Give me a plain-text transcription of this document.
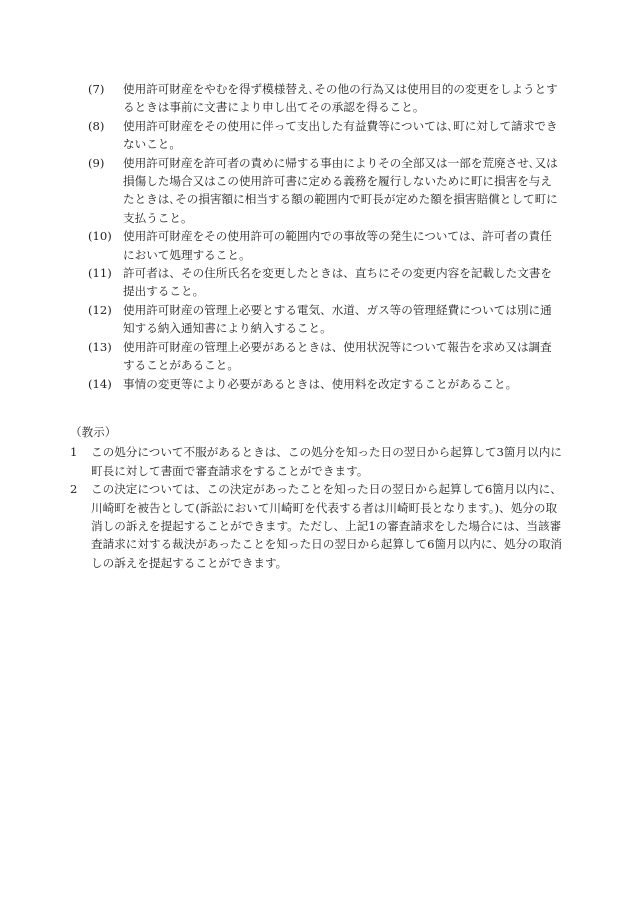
(7)	使用許可財産をやむを得ず模様替え､その他の行為又は使用目的の変更をしようとするときは事前に文書により申し出てその承認を得ること。
(8)	使用許可財産をその使用に伴って支出した有益費等については､町に対して請求できないこと。
(9)	使用許可財産を許可者の責めに帰する事由によりその全部又は一部を荒廃させ､又は損傷した場合又はこの使用許可書に定める義務を履行しないために町に損害を与えたときは､その損害額に相当する額の範囲内で町長が定めた額を損害賠償として町に支払うこと。
(10) 使用許可財産をその使用許可の範囲内での事故等の発生については、許可者の責任において処理すること。
(11) 許可者は、その住所氏名を変更したときは、直ちにその変更内容を記載した文書を提出すること。
(12) 使用許可財産の管理上必要とする電気、水道、ガス等の管理経費については別に通知する納入通知書により納入すること。
(13) 使用許可財産の管理上必要があるときは、使用状況等について報告を求め又は調査することがあること。
(14) 事情の変更等により必要があるときは、使用料を改定することがあること。
（教示）
1	この処分について不服があるときは、この処分を知った日の翌日から起算して3箇月以内に町長に対して書面で審査請求をすることができます。
2	この決定については、この決定があったことを知った日の翌日から起算して6箇月以内に、川崎町を被告として(訴訟において川崎町を代表する者は川崎町長となります。)、処分の取消しの訴えを提起することができます。ただし、上記1の審査請求をした場合には、当該審査請求に対する裁決があったことを知った日の翌日から起算して6箇月以内に、処分の取消しの訴えを提起することができます。
